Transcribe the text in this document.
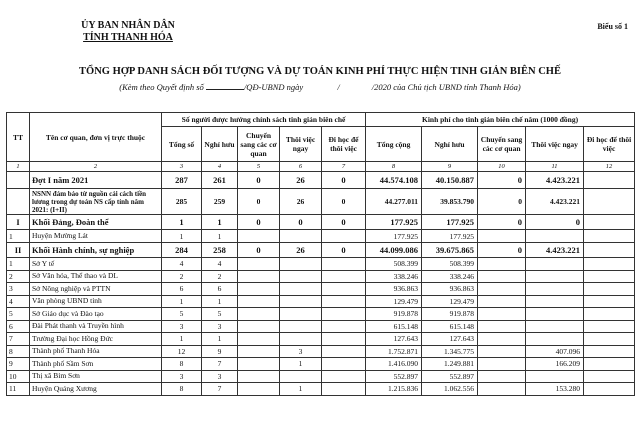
ỦY BAN NHÂN DÂN
TỈNH THANH HÓA
Biểu số 1
TỔNG HỢP DANH SÁCH ĐỐI TƯỢNG VÀ DỰ TOÁN KINH PHÍ THỰC HIỆN TINH GIẢN BIÊN CHẾ
(Kèm theo Quyết định số	/QĐ-UBND ngày	/	/2020 của Chủ tịch UBND tỉnh Thanh Hóa)
TT	Tên cơ quan, đơn vị trực thuộc	Số người được hưởng chính sách tinh giản biên chế					Kinh phí cho tinh giản biên chế năm (1000 đồng)				
		Tổng số	Nghỉ hưu	Chuyển sang các cơ quan	Thôi việc ngay	Đi học để thôi việc	Tổng cộng	Nghỉ hưu	Chuyển sang các cơ quan	Thôi việc ngay	Đi học để thôi việc
1	2	3	4	5	6	7	8	9	10	11	12
	Đợt I năm 2021	287	261	0	26	0	44.574.108	40.150.887	0	4.423.221	
	NSNN đảm bảo từ nguồn cải cách tiền lương trong dự toán NS cấp tỉnh năm 2021: (I+II)	285	259	0	26	0	44.277.011	39.853.790	0	4.423.221	
I	Khối Đảng, Đoàn thể	1	1	0	0	0	177.925	177.925	0	0	
1	Huyện Mường Lát	1	1				177.925	177.925			
II	Khối Hành chính, sự nghiệp	284	258	0	26	0	44.099.086	39.675.865	0	4.423.221	
1	Sở Y tế	4	4				508.399	508.399			
2	Sở Văn hóa, Thể thao và DL	2	2				338.246	338.246			
3	Sở Nông nghiệp và PTTN	6	6				936.863	936.863			
4	Văn phòng UBND tỉnh	1	1				129.479	129.479			
5	Sở Giáo dục và Đào tạo	5	5				919.878	919.878			
6	Đài Phát thanh và Truyền hình	3	3				615.148	615.148			
7	Trường Đại học Hồng Đức	1	1				127.643	127.643			
8	Thành phố Thanh Hóa	12	9		3		1.752.871	1.345.775		407.096	
9	Thành phố Sầm Sơn	8	7		1		1.416.090	1.249.881		166.209	
10	Thị xã Bỉm Sơn	3	3				552.897	552.897			
11	Huyện Quảng Xương	8	7		1		1.215.836	1.062.556		153.280	
